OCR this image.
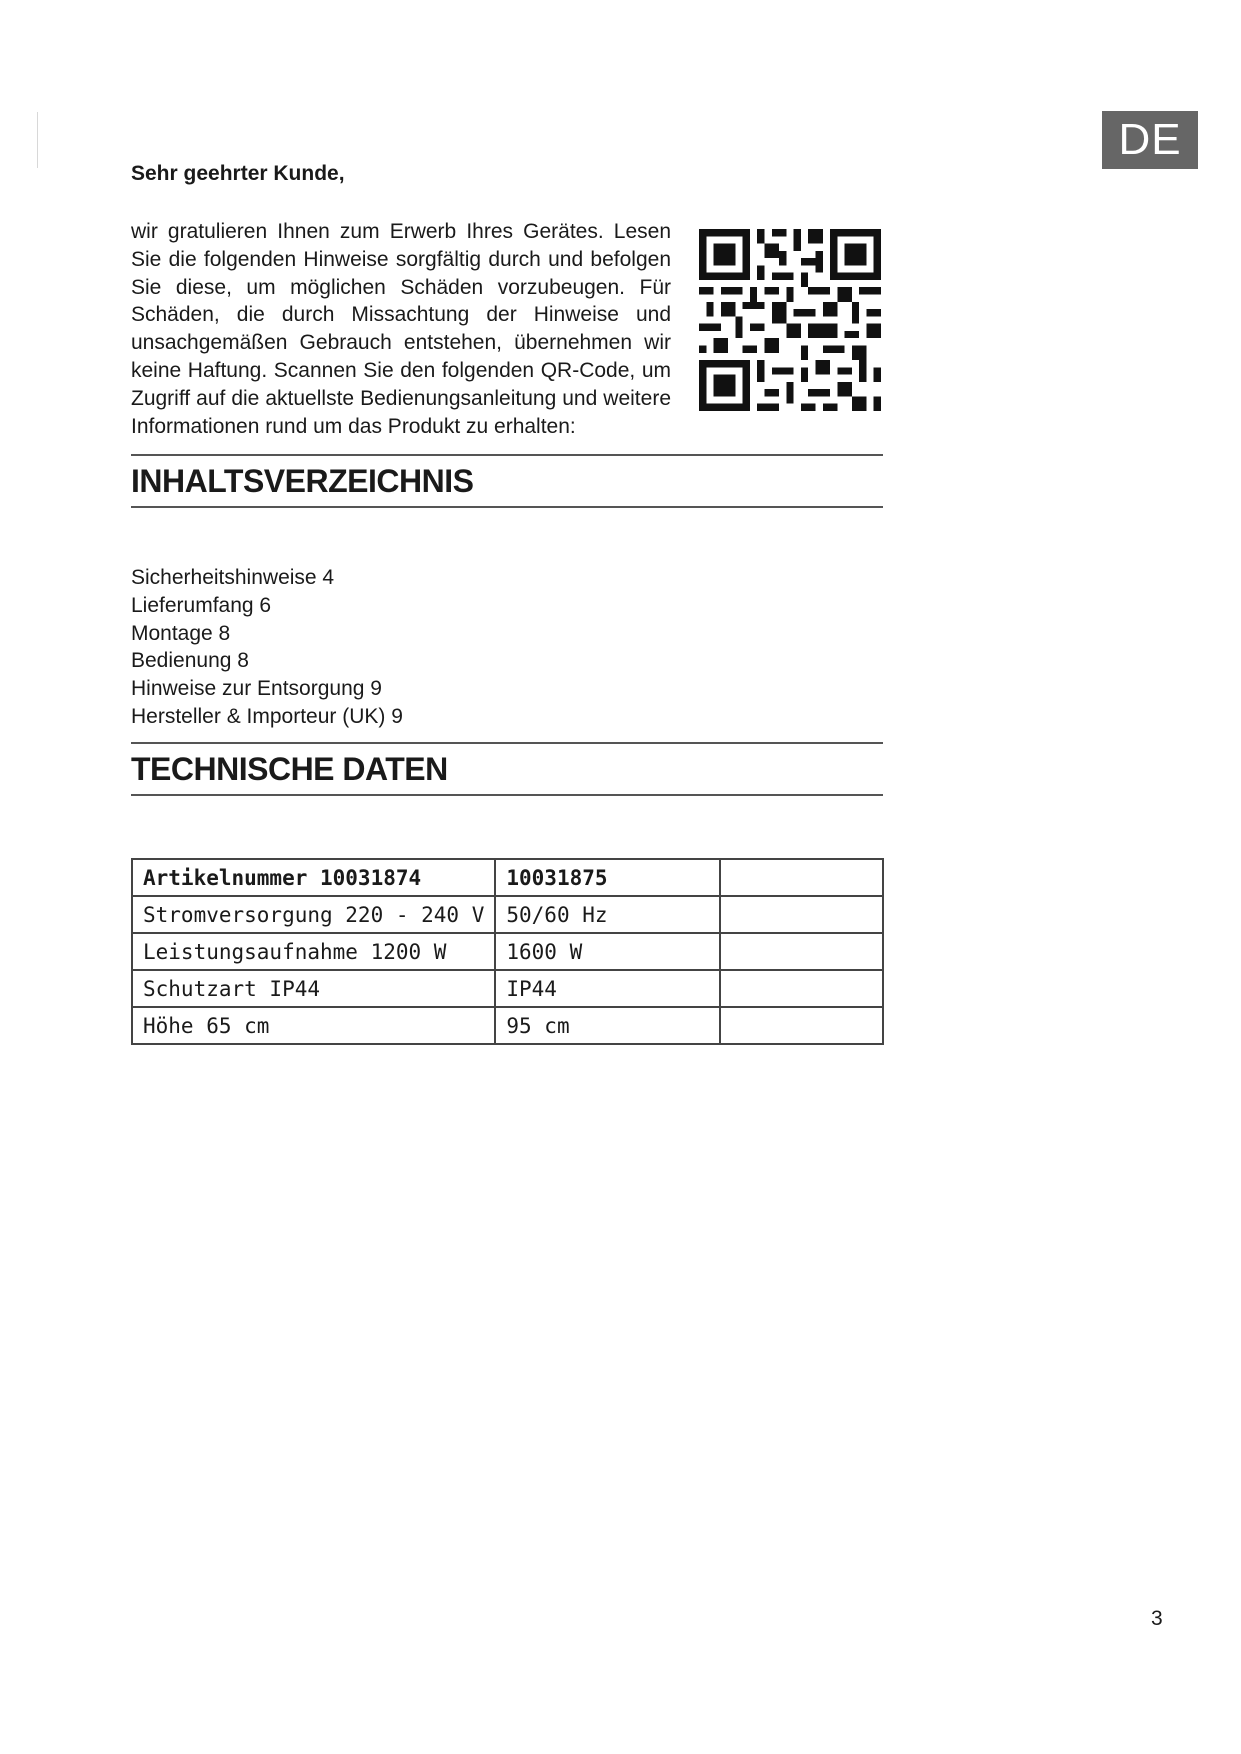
DE
Sehr geehrter Kunde,

wir gratulieren Ihnen zum Erwerb Ihres Gerätes. Lesen Sie die folgenden Hinweise sorgfältig durch und befolgen Sie diese, um möglichen Schäden vorzubeugen. Für Schäden, die durch Missachtung der Hinweise und unsachgemäßen Gebrauch entstehen, übernehmen wir keine Haftung. Scannen Sie den folgenden QR-Code, um Zugriff auf die aktuellste Bedienungsanleitung und weitere Informationen rund um das Produkt zu erhalten:

INHALTSVERZEICHNIS
Sicherheitshinweise 4
Lieferumfang 6
Montage 8
Bedienung 8
Hinweise zur Entsorgung 9
Hersteller & Importeur (UK) 9
TECHNISCHE DATEN
Artikelnummer 10031874	10031875	
Stromversorgung 220 - 240 V	50/60 Hz	
Leistungsaufnahme 1200 W	1600 W	
Schutzart IP44	IP44	
Höhe 65 cm	95 cm	
3
